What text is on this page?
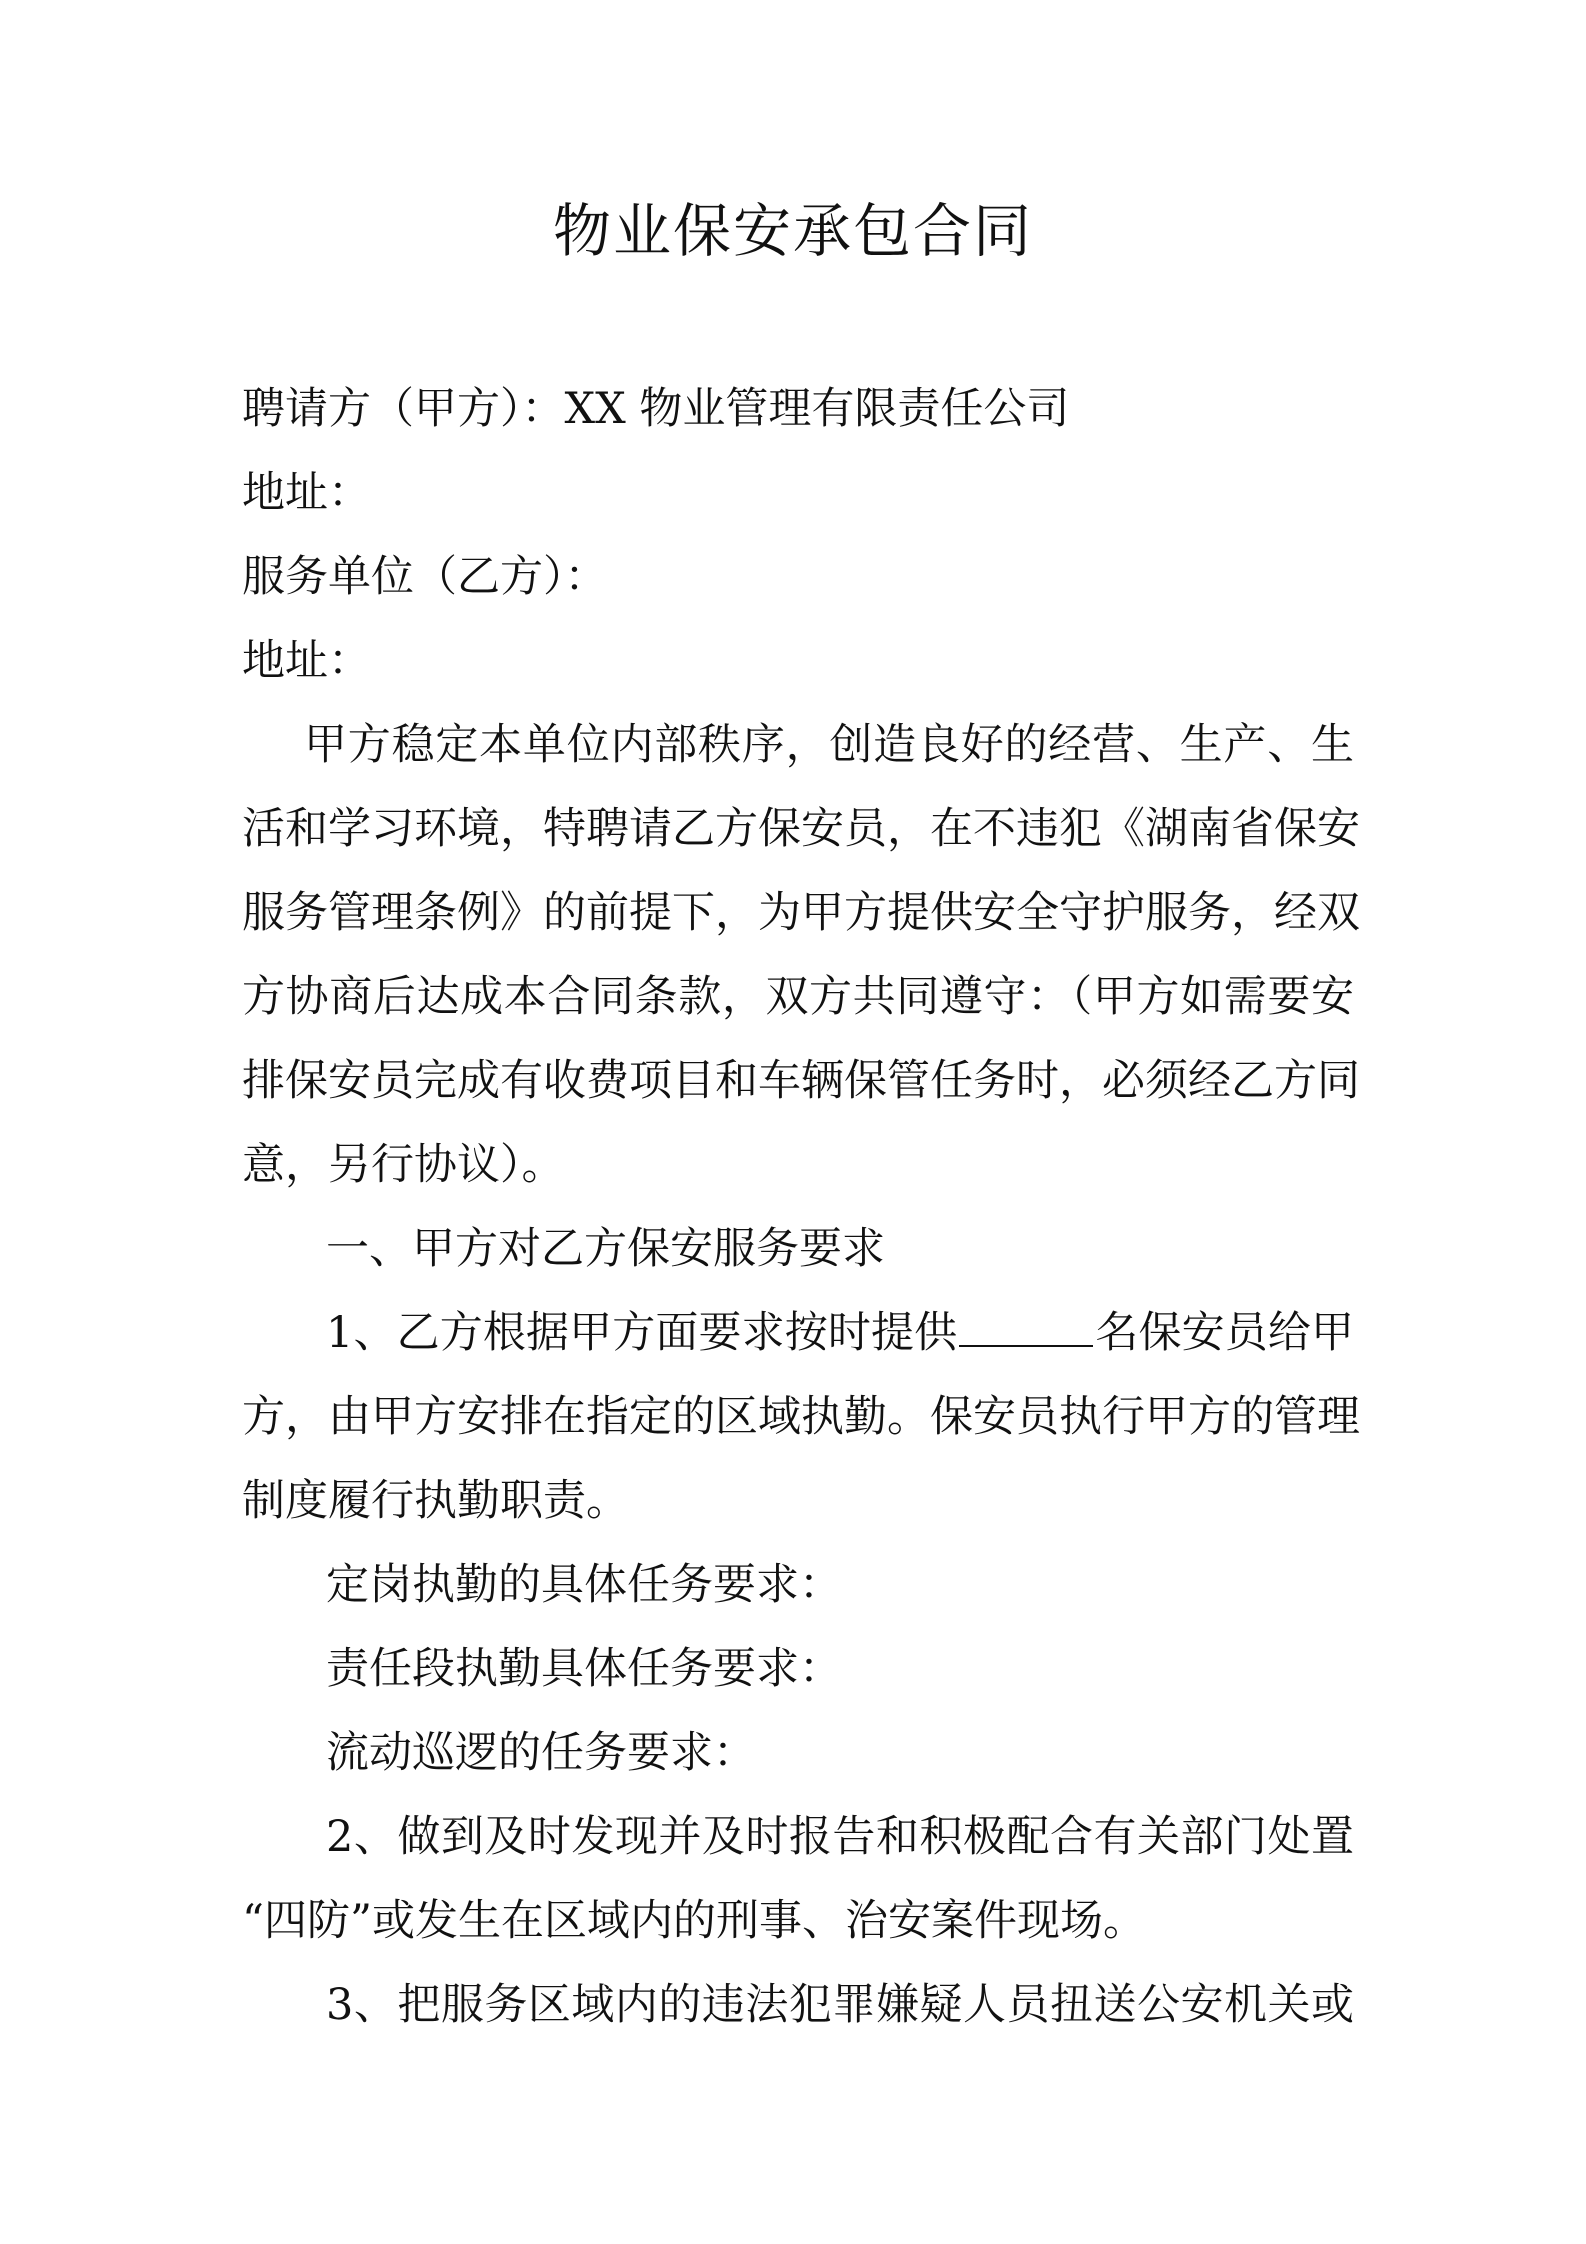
物业保安承包合同
聘请方（甲方）：XX 物业管理有限责任公司
地址：
服务单位（乙方）：
地址：
甲方稳定本单位内部秩序，创造良好的经营、生产、生
活和学习环境，特聘请乙方保安员，在不违犯《湖南省保安
服务管理条例》的前提下，为甲方提供安全守护服务，经双
方协商后达成本合同条款，双方共同遵守：（甲方如需要安
排保安员完成有收费项目和车辆保管任务时，必须经乙方同
意，另行协议）。
一、甲方对乙方保安服务要求
1、乙方根据甲方面要求按时提供	名保安员给甲
方，由甲方安排在指定的区域执勤。保安员执行甲方的管理
制度履行执勤职责。
定岗执勤的具体任务要求：
责任段执勤具体任务要求：
流动巡逻的任务要求：
2、做到及时发现并及时报告和积极配合有关部门处置
“四防”或发生在区域内的刑事、治安案件现场。
3、把服务区域内的违法犯罪嫌疑人员扭送公安机关或
